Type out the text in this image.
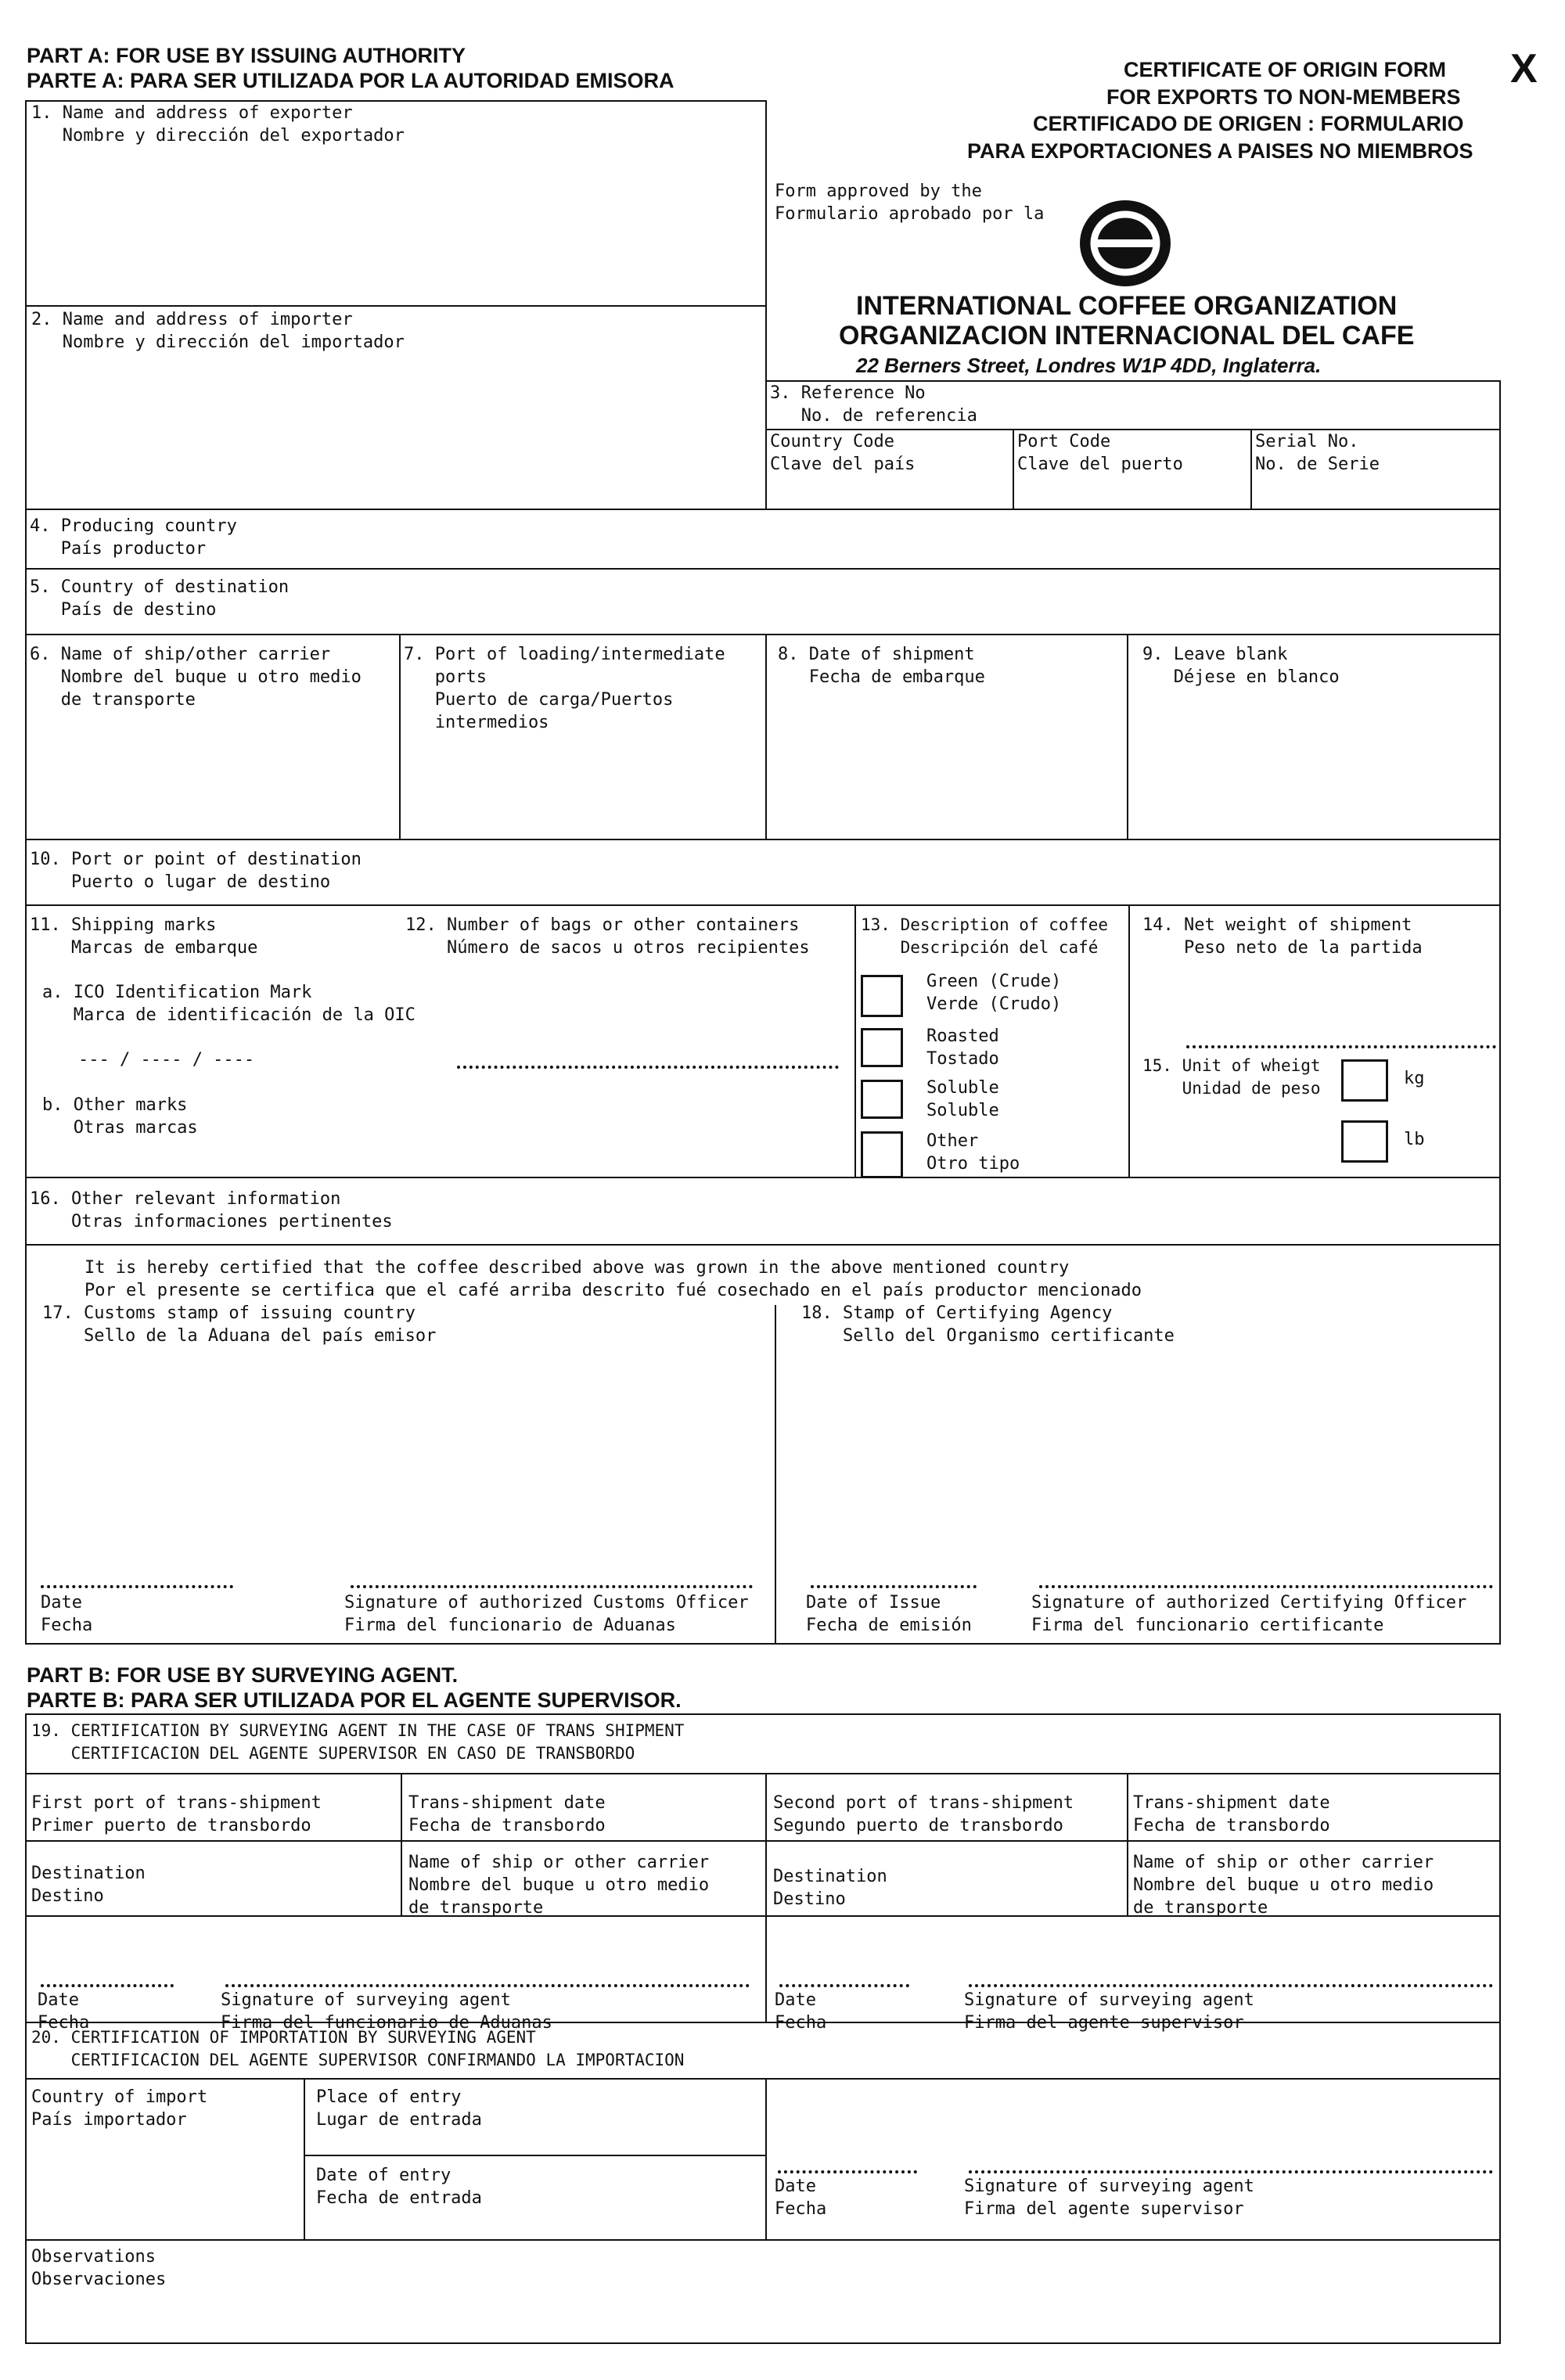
PART A: FOR USE BY ISSUING AUTHORITY
PARTE A: PARA SER UTILIZADA POR LA AUTORIDAD EMISORA	CERTIFICATE OF ORIGIN FORM X
FOR EXPORTS TO NON-MEMBERS
CERTIFICADO DE ORIGEN : FORMULARIO
PARA EXPORTACIONES A PAISES NO MIEMBROS
Form approved by the
Formulario aprobado por la
INTERNATIONAL COFFEE ORGANIZATION
ORGANIZACION INTERNACIONAL DEL CAFE
22 Berners Street, Londres W1P 4DD, Inglaterra.
1. Name and address of exporter
Nombre y dirección del exportador
2. Name and address of importer
Nombre y dirección del importador
3. Reference No
No. de referencia
Country Code
Clave del país
Port Code
Clave del puerto
Serial No.
No. de Serie
4. Producing country
País productor
5. Country of destination
País de destino
6. Name of ship/other carrier
Nombre del buque u otro medio
de transporte
7. Port of loading/intermediate
ports
Puerto de carga/Puertos
intermedios
8. Date of shipment
Fecha de embarque
9. Leave blank
Déjese en blanco
10. Port or point of destination
Puerto o lugar de destino
11. Shipping marks
Marcas de embarque
a. ICO Identification Mark
Marca de identificación de la OIC
--- / ---- / ----
b. Other marks
Otras marcas
12. Number of bags or other containers
Número de sacos u otros recipientes
13. Description of coffee
Descripción del café
Green (Crude)
Verde (Crudo)
Roasted
Tostado
Soluble
Soluble
Other
Otro tipo
14. Net weight of shipment
Peso neto de la partida
15. Unit of wheigt
Unidad de peso	kg
lb
16. Other relevant information
Otras informaciones pertinentes
It is hereby certified that the coffee described above was grown in the above mentioned country
Por el presente se certifica que el café arriba descrito fué cosechado en el país productor mencionado
17. Customs stamp of issuing country
Sello de la Aduana del país emisor
18. Stamp of Certifying Agency
Sello del Organismo certificante
Date
Fecha
Signature of authorized Customs Officer
Firma del funcionario de Aduanas
Date of Issue
Fecha de emisión
Signature of authorized Certifying Officer
Firma del funcionario certificante
PART B: FOR USE BY SURVEYING AGENT.
PARTE B: PARA SER UTILIZADA POR EL AGENTE SUPERVISOR.
19. CERTIFICATION BY SURVEYING AGENT IN THE CASE OF TRANS SHIPMENT
CERTIFICACION DEL AGENTE SUPERVISOR EN CASO DE TRANSBORDO
First port of trans-shipment
Primer puerto de transbordo
Trans-shipment date
Fecha de transbordo
Second port of trans-shipment
Segundo puerto de transbordo
Trans-shipment date
Fecha de transbordo
Destination
Destino
Name of ship or other carrier
Nombre del buque u otro medio
de transporte
Destination
Destino
Name of ship or other carrier
Nombre del buque u otro medio
de transporte
Date
Fecha
Signature of surveying agent
Firma del funcionario de Aduanas
Date
Fecha
Signature of surveying agent
Firma del agente supervisor
20. CERTIFICATION OF IMPORTATION BY SURVEYING AGENT
CERTIFICACION DEL AGENTE SUPERVISOR CONFIRMANDO LA IMPORTACION
Country of import
País importador
Place of entry
Lugar de entrada
Date of entry
Fecha de entrada
Date
Fecha
Signature of surveying agent
Firma del agente supervisor
Observations
Observaciones
